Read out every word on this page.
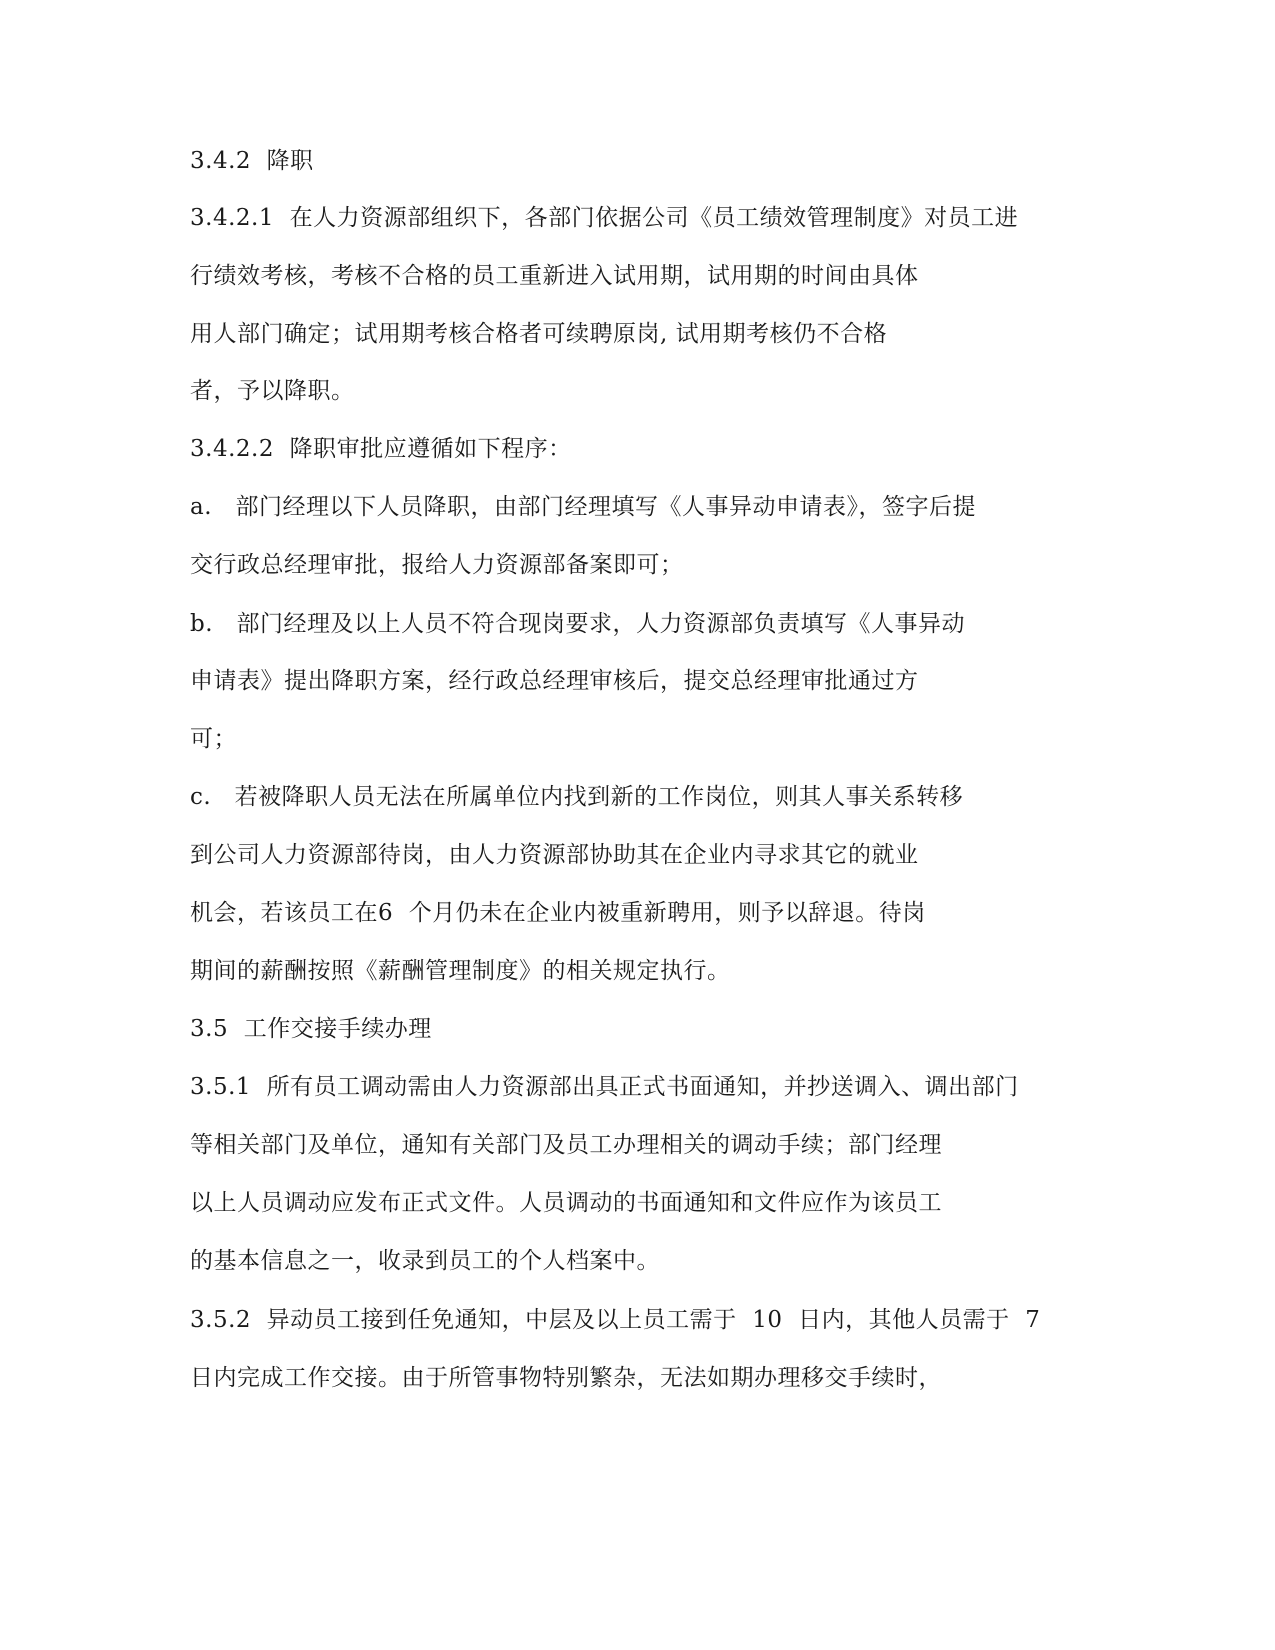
3.4.2  降职
3.4.2.1  在人力资源部组织下，各部门依据公司《员工绩效管理制度》对员工进
行绩效考核，考核不合格的员工重新进入试用期，试用期的时间由具体
用人部门确定；试用期考核合格者可续聘原岗, 试用期考核仍不合格
者，予以降职。
3.4.2.2  降职审批应遵循如下程序：
a.   部门经理以下人员降职，由部门经理填写《人事异动申请表》，签字后提
交行政总经理审批，报给人力资源部备案即可；
b.   部门经理及以上人员不符合现岗要求，人力资源部负责填写《人事异动
申请表》提出降职方案，经行政总经理审核后，提交总经理审批通过方
可；
c.   若被降职人员无法在所属单位内找到新的工作岗位，则其人事关系转移
到公司人力资源部待岗，由人力资源部协助其在企业内寻求其它的就业
机会，若该员工在6  个月仍未在企业内被重新聘用，则予以辞退。待岗
期间的薪酬按照《薪酬管理制度》的相关规定执行。
3.5  工作交接手续办理
3.5.1  所有员工调动需由人力资源部出具正式书面通知，并抄送调入、调出部门
等相关部门及单位，通知有关部门及员工办理相关的调动手续；部门经理
以上人员调动应发布正式文件。人员调动的书面通知和文件应作为该员工
的基本信息之一，收录到员工的个人档案中。
3.5.2  异动员工接到任免通知，中层及以上员工需于  10  日内，其他人员需于  7
日内完成工作交接。由于所管事物特别繁杂，无法如期办理移交手续时，
